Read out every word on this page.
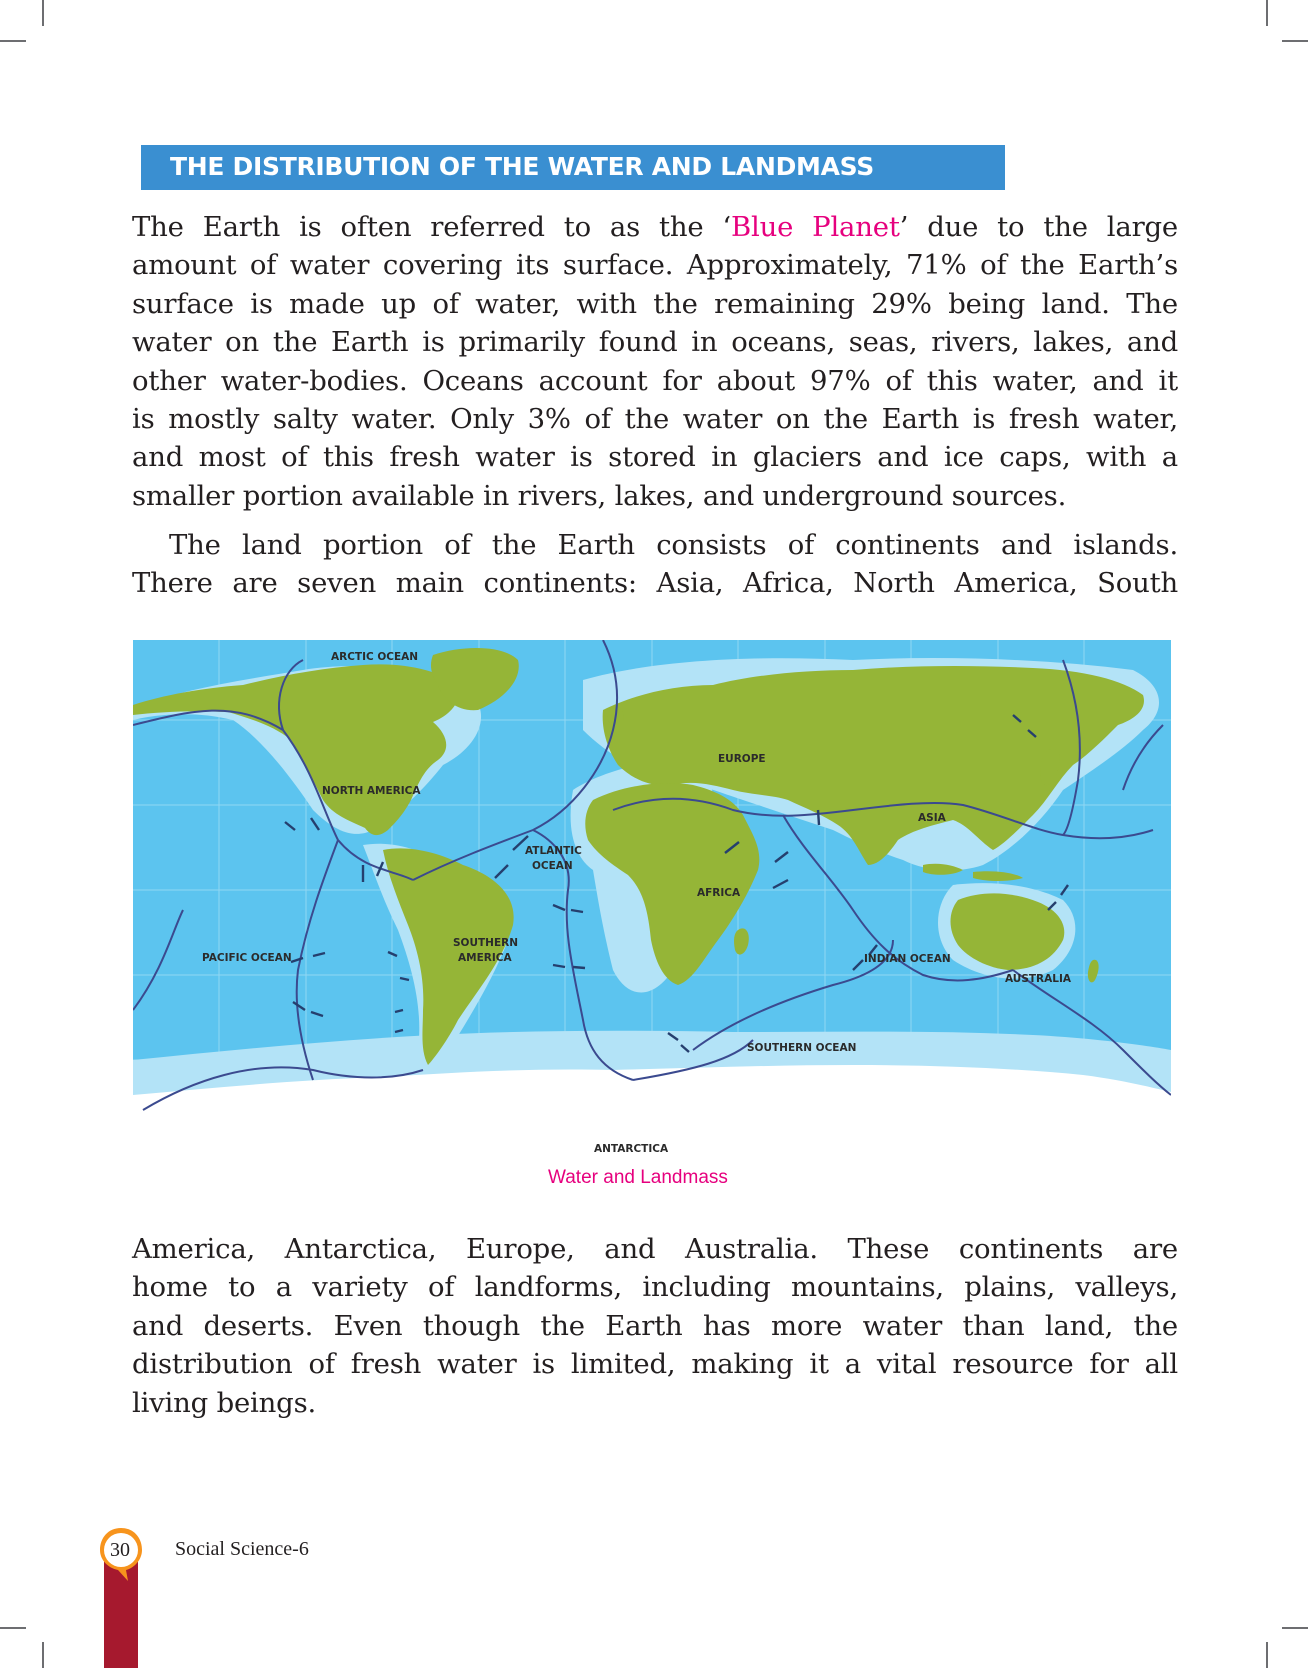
THE DISTRIBUTION OF THE WATER AND LANDMASS
The Earth is often referred to as the ‘Blue Planet’ due to the large
amount of water covering its surface. Approximately, 71% of the Earth’s
surface is made up of water, with the remaining 29% being land. The
water on the Earth is primarily found in oceans, seas, rivers, lakes, and
other water-bodies. Oceans account for about 97% of this water, and it
is mostly salty water. Only 3% of the water on the Earth is fresh water,
and most of this fresh water is stored in glaciers and ice caps, with a
smaller portion available in rivers, lakes, and underground sources.
The land portion of the Earth consists of continents and islands.
There are seven main continents: Asia, Africa, North America, South
ARCTIC OCEAN
NORTH AMERICA
EUROPE
ASIA
ATLANTIC
OCEAN
AFRICA
SOUTHERN
AMERICA
PACIFIC OCEAN	INDIAN OCEAN
AUSTRALIA
SOUTHERN OCEAN
ANTARCTICA
Water and Landmass
America, Antarctica, Europe, and Australia. These continents are
home to a variety of landforms, including mountains, plains, valleys,
and deserts. Even though the Earth has more water than land, the
distribution of fresh water is limited, making it a vital resource for all
living beings.
30	Social Science-6
